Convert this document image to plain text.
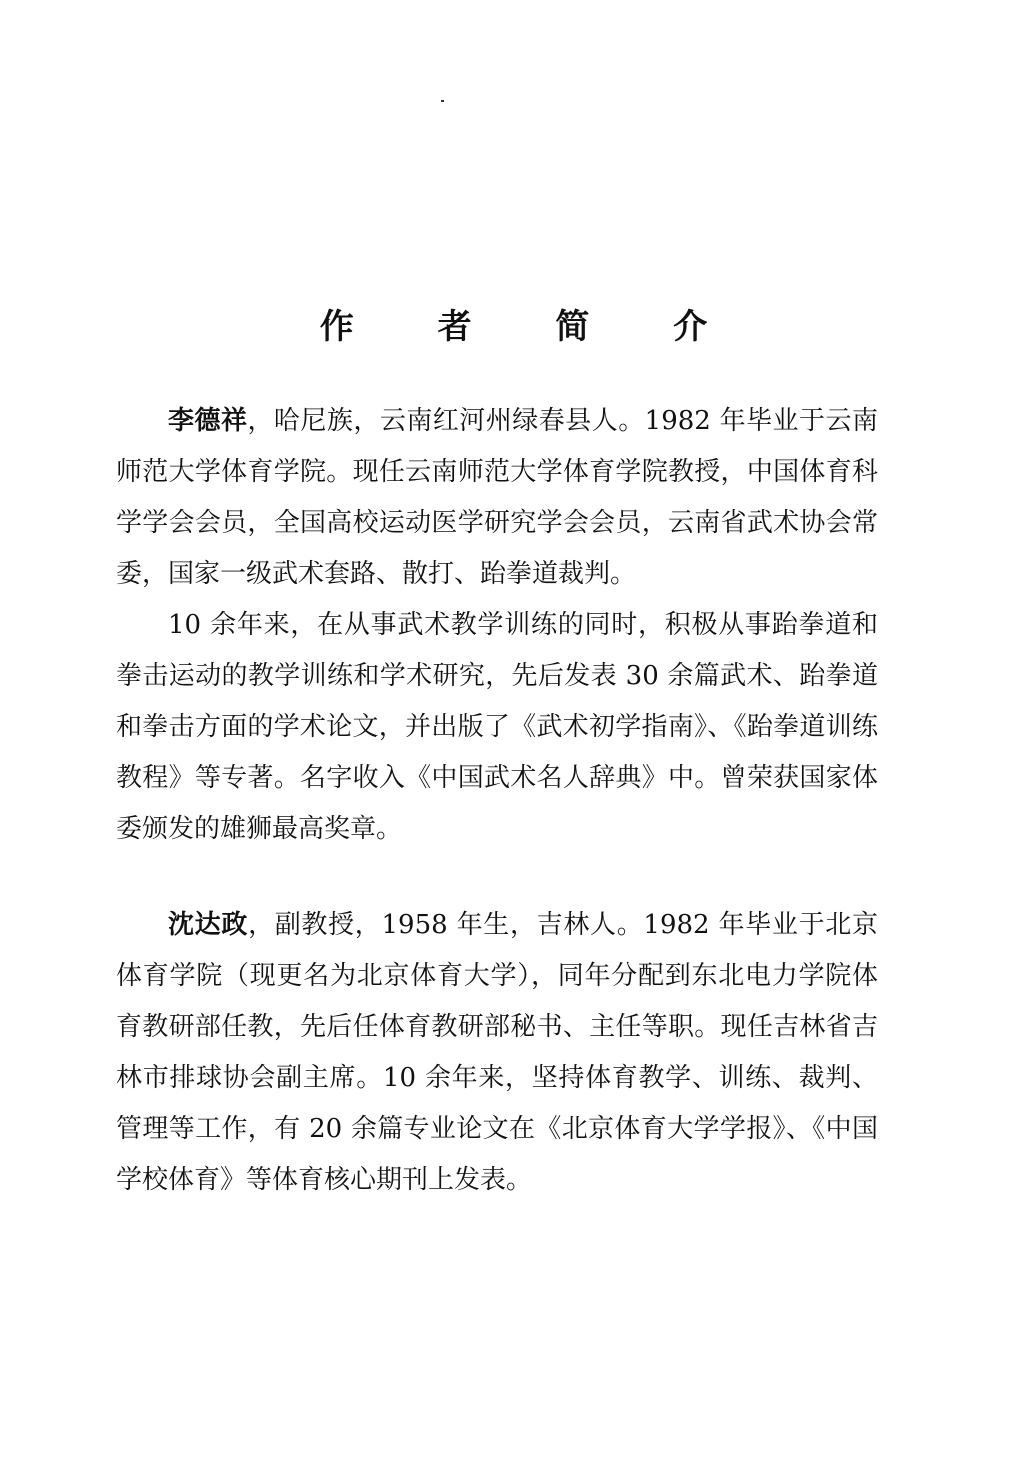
作 者 简 介

李德祥，哈尼族，云南红河州绿春县人。1982 年毕业于云南师范大学体育学院。现任云南师范大学体育学院教授，中国体育科学学会会员，全国高校运动医学研究学会会员，云南省武术协会常委，国家一级武术套路、散打、跆拳道裁判。

10 余年来，在从事武术教学训练的同时，积极从事跆拳道和拳击运动的教学训练和学术研究，先后发表 30 余篇武术、跆拳道和拳击方面的学术论文，并出版了《武术初学指南》、《跆拳道训练教程》等专著。名字收入《中国武术名人辞典》中。曾荣获国家体委颁发的雄狮最高奖章。

沈达政，副教授，1958 年生，吉林人。1982 年毕业于北京体育学院（现更名为北京体育大学），同年分配到东北电力学院体育教研部任教，先后任体育教研部秘书、主任等职。现任吉林省吉林市排球协会副主席。10 余年来，坚持体育教学、训练、裁判、管理等工作，有 20 余篇专业论文在《北京体育大学学报》、《中国学校体育》等体育核心期刊上发表。
